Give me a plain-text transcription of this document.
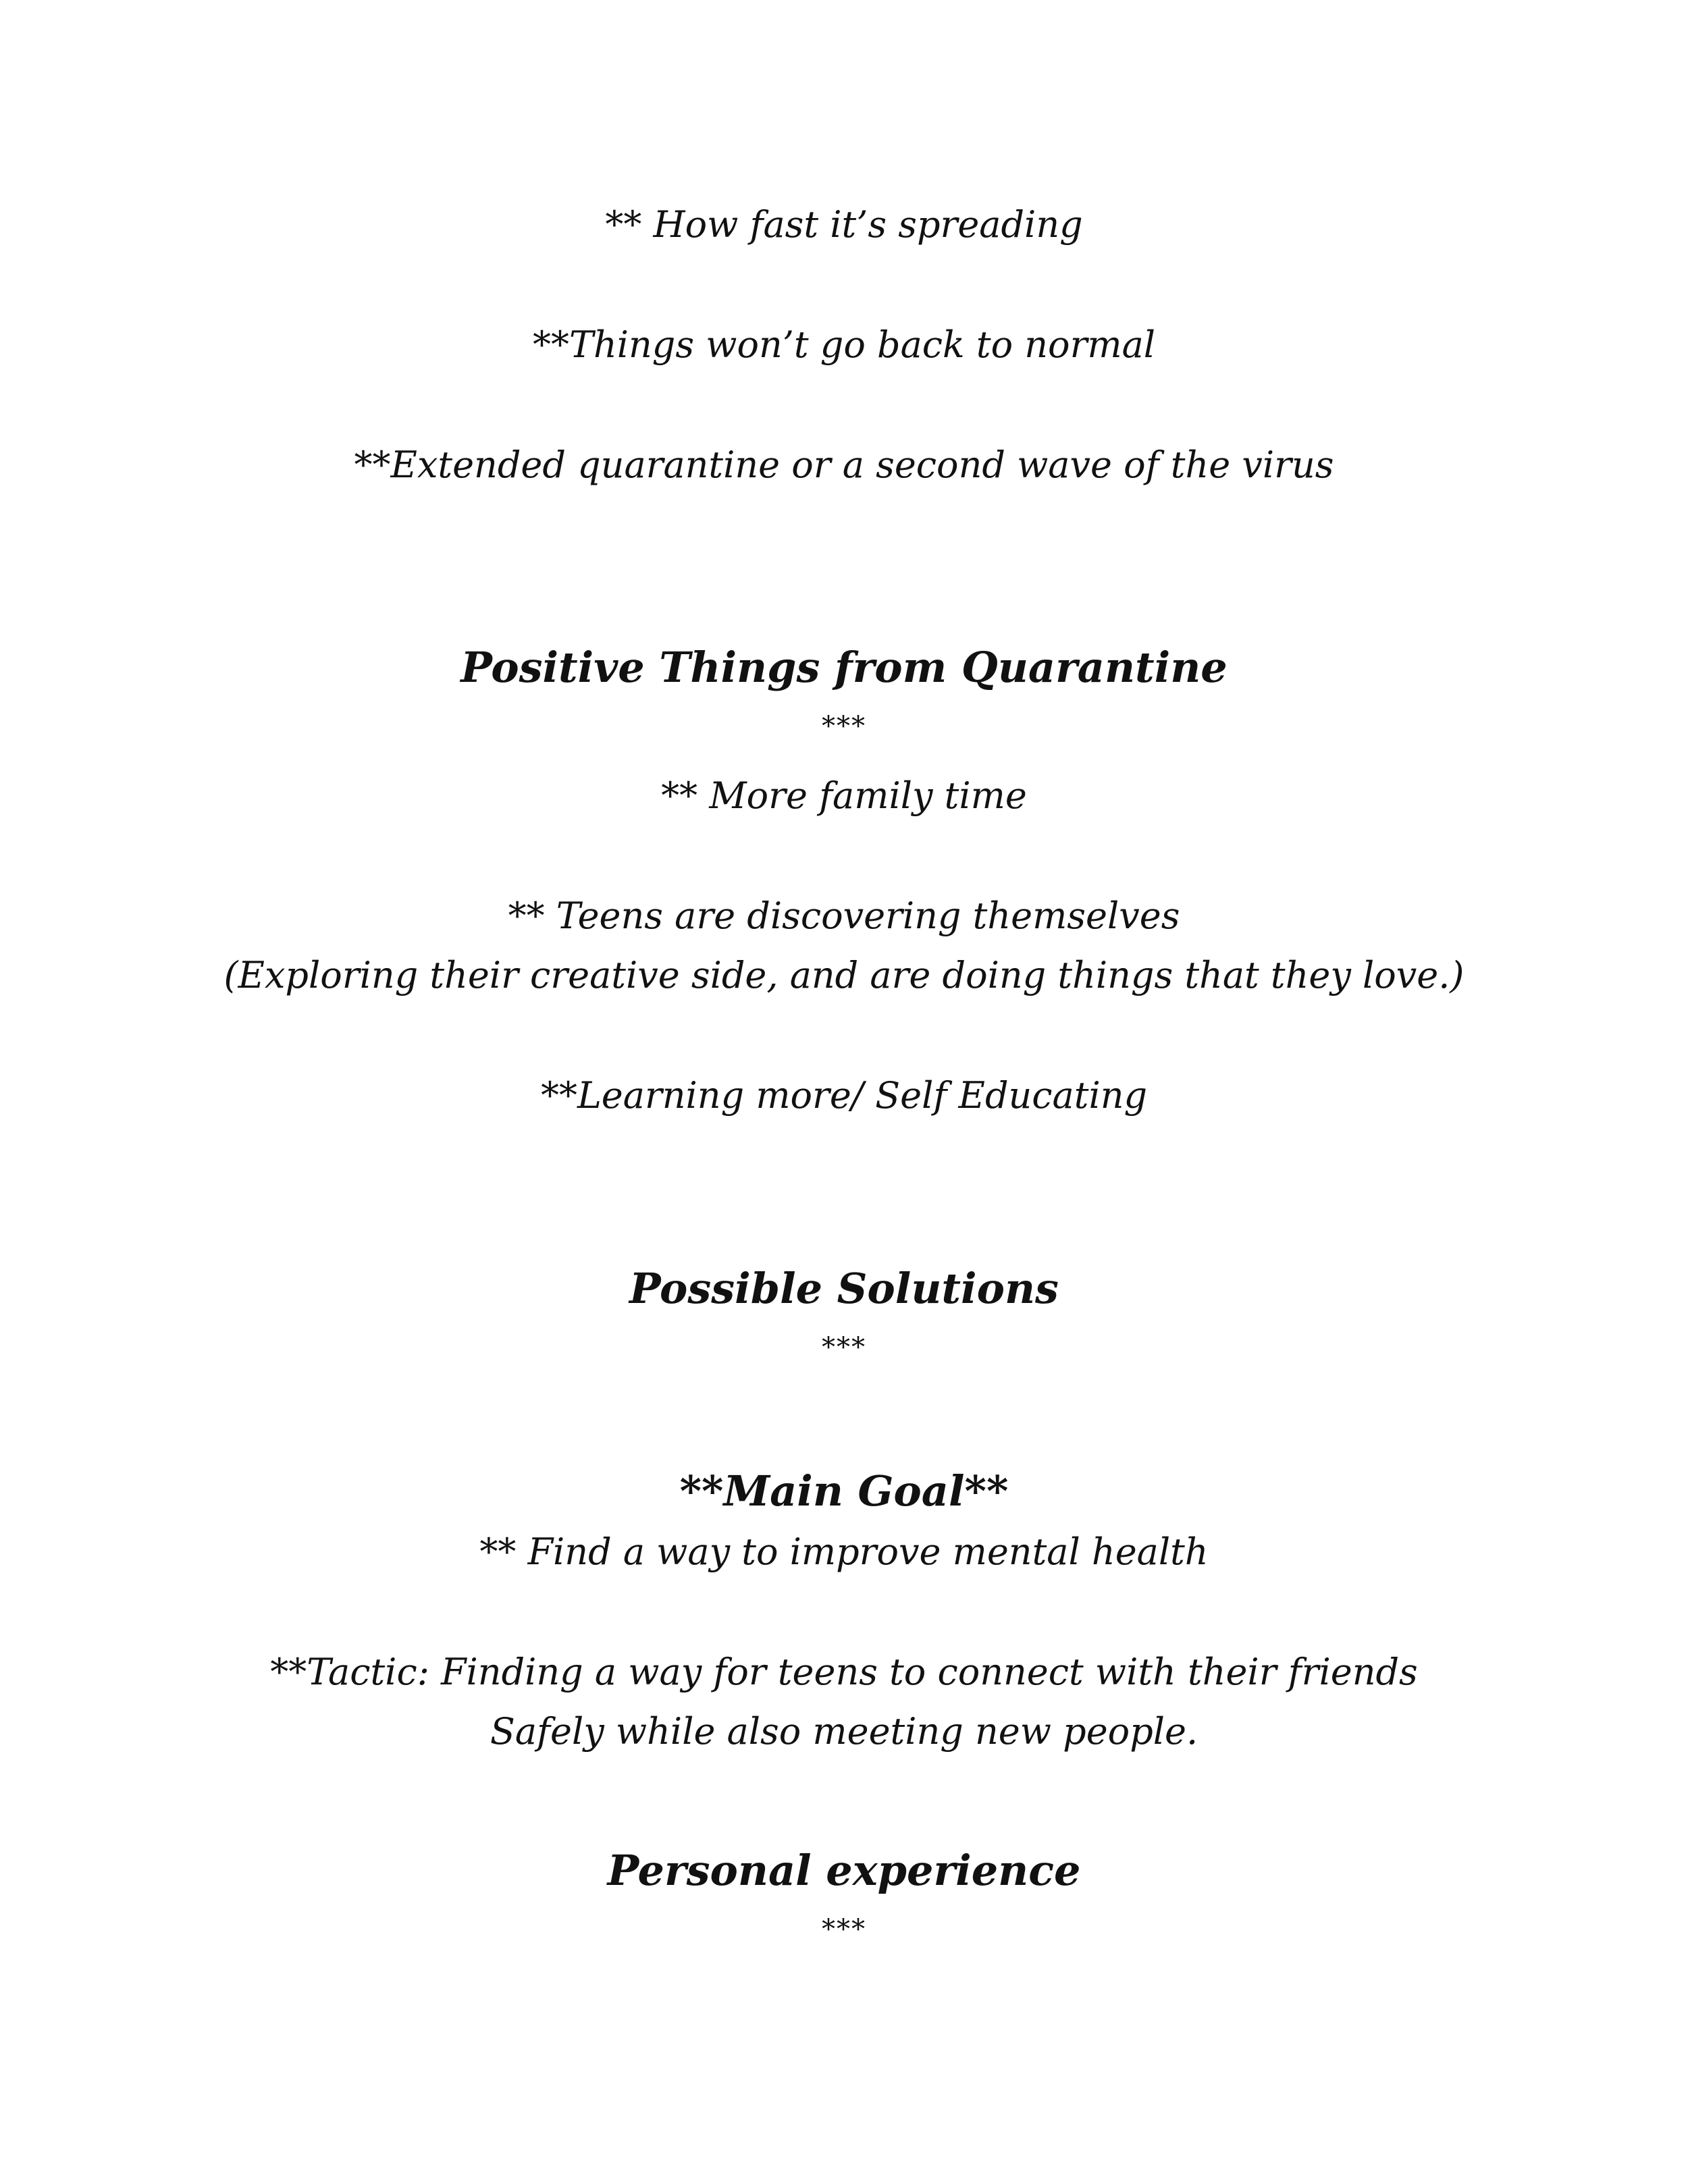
** How fast it’s spreading
**Things won’t go back to normal
**Extended quarantine or a second wave of the virus
Positive Things from Quarantine
***
** More family time
** Teens are discovering themselves
(Exploring their creative side, and are doing things that they love.)
**Learning more/ Self Educating
Possible Solutions
***
**Main Goal**
** Find a way to improve mental health
**Tactic: Finding a way for teens to connect with their friends
Safely while also meeting new people.
Personal experience
***
